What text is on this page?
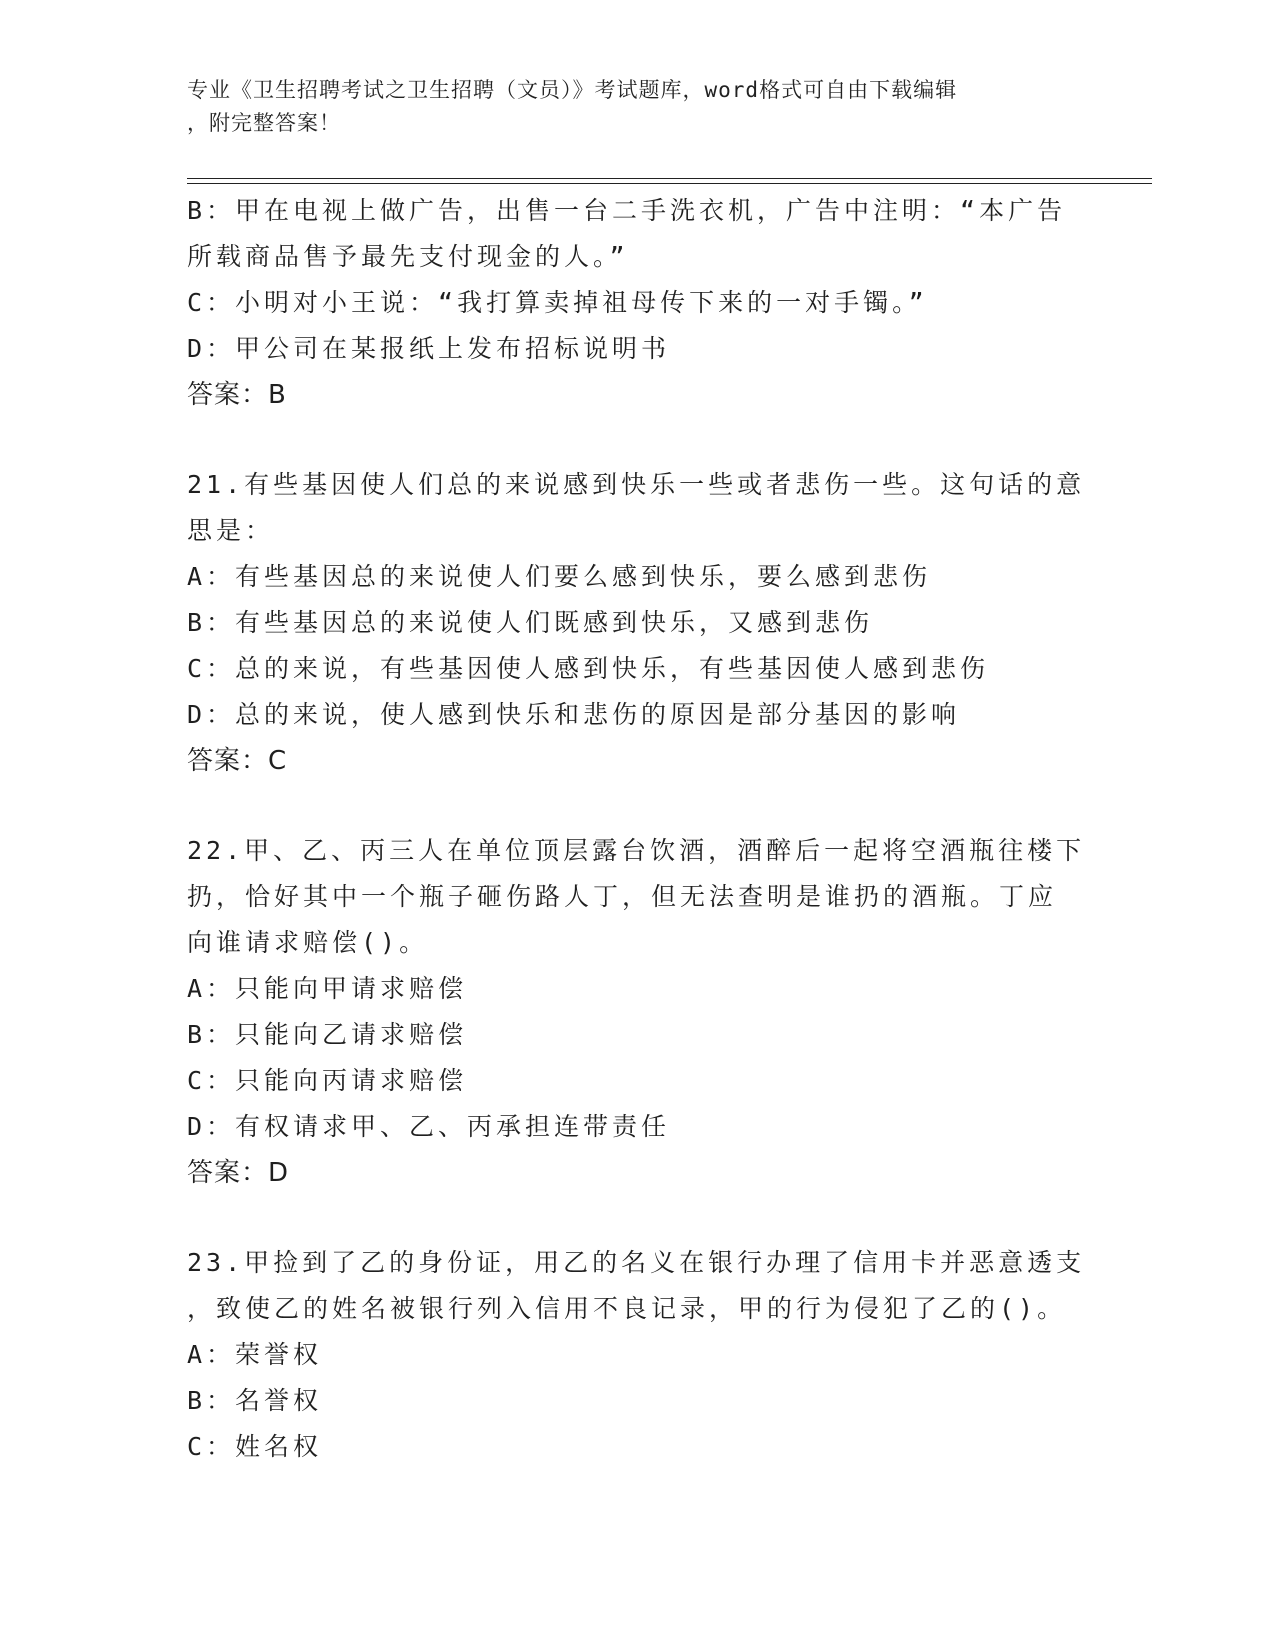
专业《卫生招聘考试之卫生招聘（文员）》考试题库，word格式可自由下载编辑
，附完整答案！
B：甲在电视上做广告，出售一台二手洗衣机，广告中注明：“本广告
所载商品售予最先支付现金的人。”
C：小明对小王说：“我打算卖掉祖母传下来的一对手镯。”
D：甲公司在某报纸上发布招标说明书
答案：B
21.有些基因使人们总的来说感到快乐一些或者悲伤一些。这句话的意
思是：
A：有些基因总的来说使人们要么感到快乐，要么感到悲伤
B：有些基因总的来说使人们既感到快乐，又感到悲伤
C：总的来说，有些基因使人感到快乐，有些基因使人感到悲伤
D：总的来说，使人感到快乐和悲伤的原因是部分基因的影响
答案：C
22.甲、乙、丙三人在单位顶层露台饮酒，酒醉后一起将空酒瓶往楼下
扔，恰好其中一个瓶子砸伤路人丁，但无法查明是谁扔的酒瓶。丁应
向谁请求赔偿()。
A：只能向甲请求赔偿
B：只能向乙请求赔偿
C：只能向丙请求赔偿
D：有权请求甲、乙、丙承担连带责任
答案：D
23.甲捡到了乙的身份证，用乙的名义在银行办理了信用卡并恶意透支
，致使乙的姓名被银行列入信用不良记录，甲的行为侵犯了乙的()。
A：荣誉权
B：名誉权
C：姓名权
